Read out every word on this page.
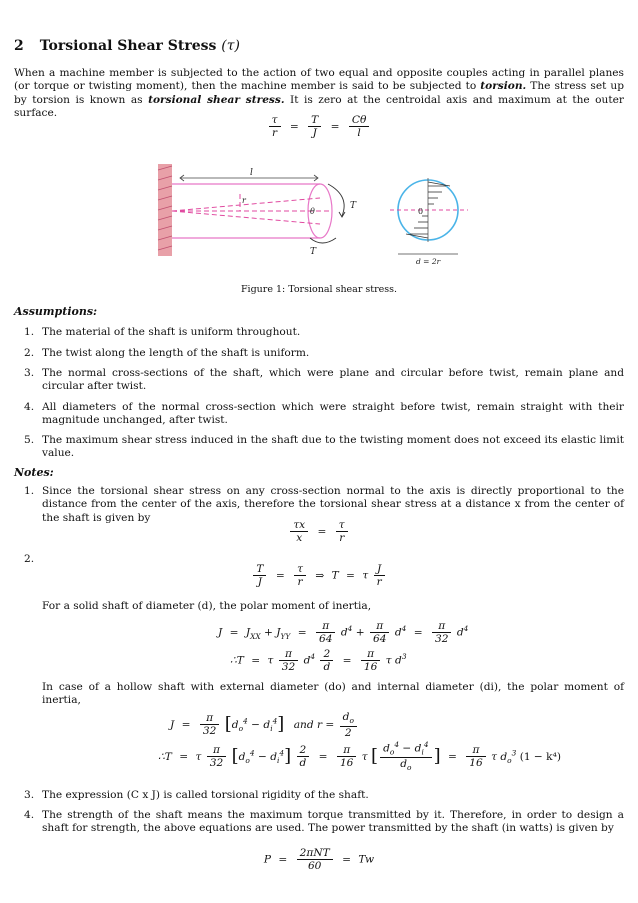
2 Torsional Shear Stress (τ)

When a machine member is subjected to the action of two equal and opposite couples acting in parallel planes (or torque or twisting moment), then the machine member is said to be subjected to torsion. The stress set up by torsion is known as torsional shear stress. It is zero at the centroidal axis and maximum at the outer surface.

$\frac{\tau}{r} = \frac{T}{J} = \frac{C\theta}{l}$
l
r
θ
T
T
0
d = 2r
Figure 1: Torsional shear stress.
Assumptions:
1. The material of the shaft is uniform throughout.
2. The twist along the length of the shaft is uniform.
3. The normal cross-sections of the shaft, which were plane and circular before twist, remain plane and circular after twist.
4. All diameters of the normal cross-section which were straight before twist, remain straight with their magnitude unchanged, after twist.
5. The maximum shear stress induced in the shaft due to the twisting moment does not exceed its elastic limit value.
Notes:
1. Since the torsional shear stress on any cross-section normal to the axis is directly proportional to the distance from the center of the axis, therefore the torsional shear stress at a distance x from the center of the shaft is given by
$\frac{\tau x}{x} = \frac{\tau}{r}$
2.
$\frac{T}{J} = \frac{\tau}{r}$ ⇒ T = τ $\frac{J}{r}$

For a solid shaft of diameter (d), the polar moment of inertia,

$J = J_{XX} + J_{YY} = \frac{\pi}{64} d^4 + \frac{\pi}{64} d^4 = \frac{\pi}{32} d^4$
∴T = τ $\frac{\pi}{32} d^4 \frac{2}{d} = \frac{\pi}{16}$ τ $d^3$

In case of a hollow shaft with external diameter (do) and internal diameter (di), the polar moment of inertia,

$J = \frac{\pi}{32} [d_o^4 - d_i^4]$ and $r = \frac{d_o}{2}$
∴T = τ $\frac{\pi}{32} [d_o^4 - d_i^4] \frac{2}{d} = \frac{\pi}{16}$ τ [ $\frac{d_o^4 - d_i^4}{d_o}$ ] = $\frac{\pi}{16}$ τ $d_o^3$ (1 − k⁴)
3. The expression (C x J) is called torsional rigidity of the shaft.
4. The strength of the shaft means the maximum torque transmitted by it. Therefore, in order to design a shaft for strength, the above equations are used. The power transmitted by the shaft (in watts) is given by
$P = \frac{\text{2πNT}}{60} = Tw$
